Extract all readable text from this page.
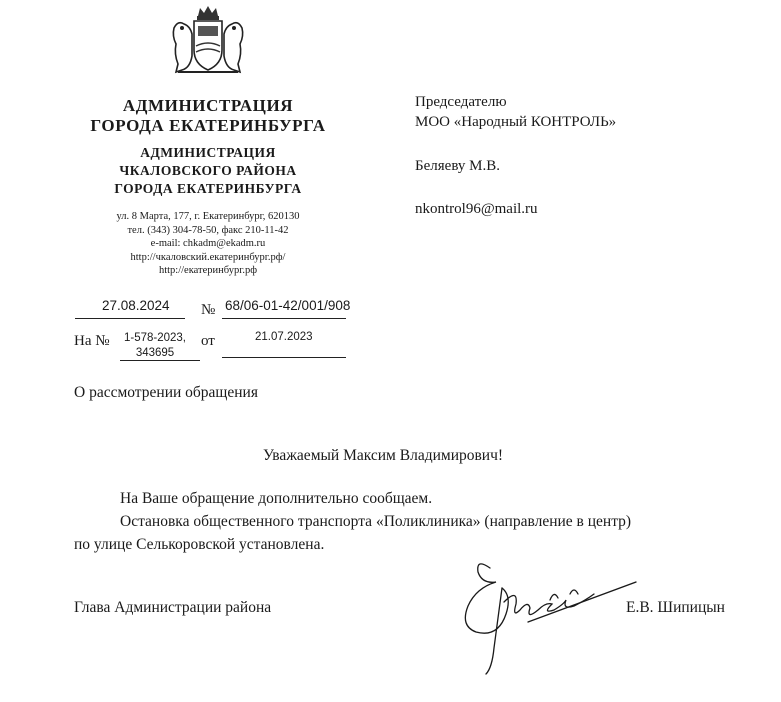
АДМИНИСТРАЦИЯ
ГОРОДА ЕКАТЕРИНБУРГА
АДМИНИСТРАЦИЯ
ЧКАЛОВСКОГО РАЙОНА
ГОРОДА ЕКАТЕРИНБУРГА
ул. 8 Марта, 177, г. Екатеринбург, 620130
тел. (343) 304-78-50, факс 210-11-42
e-mail: chkadm@ekadm.ru
http://чкаловский.екатеринбург.рф/
http://екатеринбург.рф
Председателю
МОО «Народный КОНТРОЛЬ»
Беляеву М.В.
nkontrol96@mail.ru
27.08.2024 № 68/06-01-42/001/908
На №	1-578-2023,
343695
от	21.07.2023
О рассмотрении обращения
Уважаемый Максим Владимирович!
На Ваше обращение дополнительно сообщаем.
Остановка общественного транспорта «Поликлиника» (направление в центр)
по улице Селькоровской установлена.
Глава Администрации района	Е.В. Шипицын
